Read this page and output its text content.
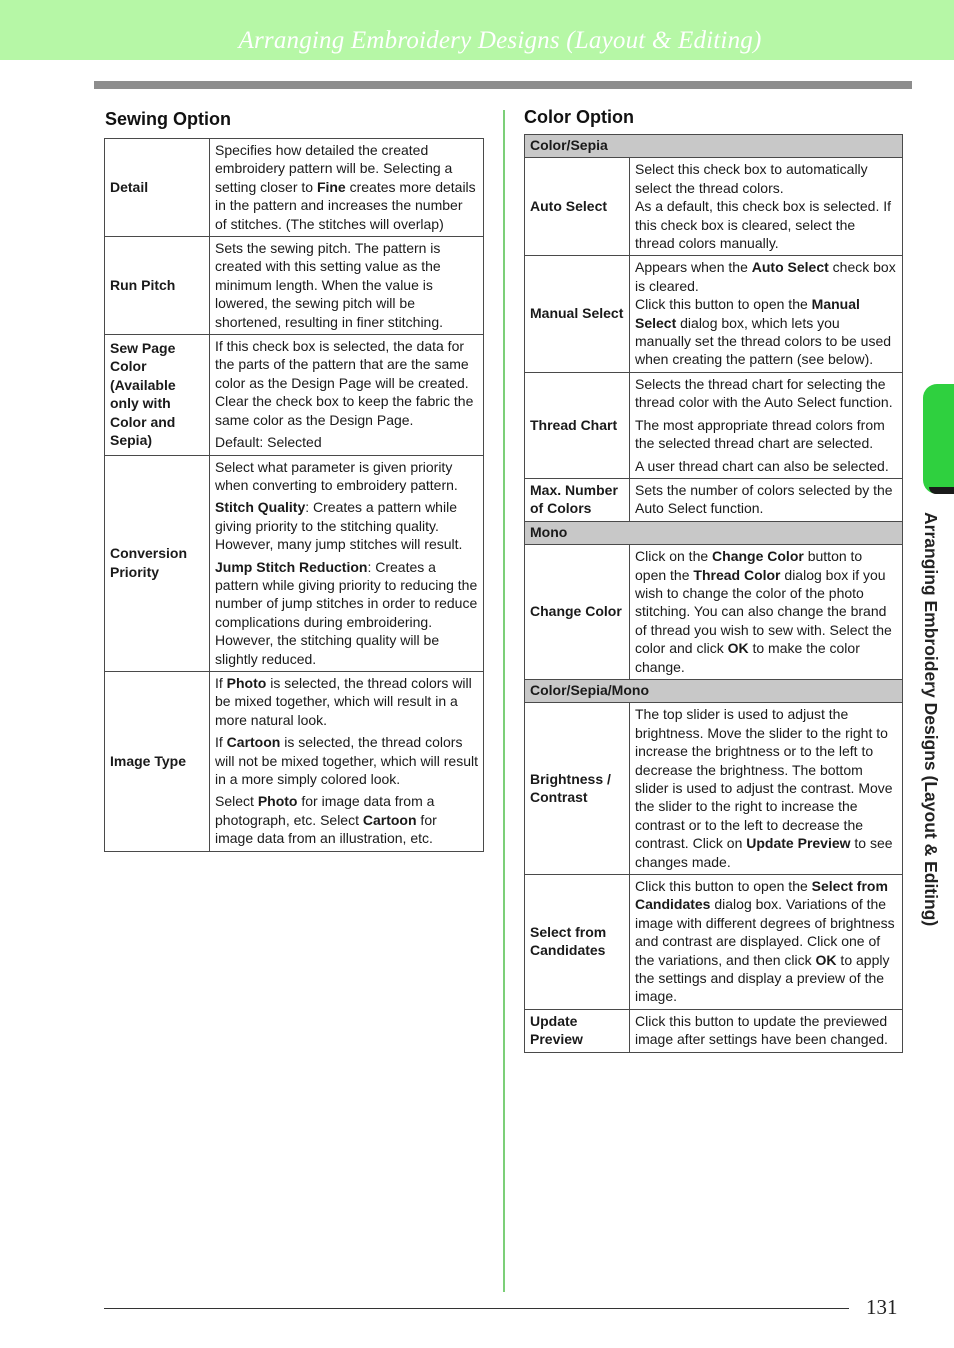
Arranging Embroidery Designs (Layout & Editing)
Arranging Embroidery Designs (Layout & Editing)
Sewing Option
Detail	Specifies how detailed the created embroidery pattern will be. Selecting a setting closer to Fine creates more details in the pattern and increases the number of stitches. (The stitches will overlap)

Run Pitch	Sets the sewing pitch. The pattern is created with this setting value as the minimum length. When the value is lowered, the sewing pitch will be shortened, resulting in finer stitching.

Sew Page Color (Available only with Color and Sepia)	If this check box is selected, the data for the parts of the pattern that are the same color as the Design Page will be created. Clear the check box to keep the fabric the same color as the Design Page.

Default: Selected

Conversion Priority	Select what parameter is given priority when converting to embroidery pattern.

Stitch Quality: Creates a pattern while giving priority to the stitching quality. However, many jump stitches will result.

Jump Stitch Reduction: Creates a pattern while giving priority to reducing the number of jump stitches in order to reduce complications during embroidering. However, the stitching quality will be slightly reduced.

Image Type	If Photo is selected, the thread colors will be mixed together, which will result in a more natural look.

If Cartoon is selected, the thread colors will not be mixed together, which will result in a more simply colored look.

Select Photo for image data from a photograph, etc. Select Cartoon for image data from an illustration, etc.

Color Option
Color/Sepia	
Auto Select	Select this check box to automatically select the thread colors.
As a default, this check box is selected. If this check box is cleared, select the thread colors manually.

Manual Select	Appears when the Auto Select check box is cleared.
Click this button to open the Manual Select dialog box, which lets you manually set the thread colors to be used when creating the pattern (see below).

Thread Chart	Selects the thread chart for selecting the thread color with the Auto Select function.

The most appropriate thread colors from the selected thread chart are selected.

A user thread chart can also be selected.

Max. Number of Colors	Sets the number of colors selected by the Auto Select function.

Mono	
Change Color	Click on the Change Color button to open the Thread Color dialog box if you wish to change the color of the photo stitching. You can also change the brand of thread you wish to sew with. Select the color and click OK to make the color change.

Color/Sepia/Mono	
Brightness / Contrast	The top slider is used to adjust the brightness. Move the slider to the right to increase the brightness or to the left to decrease the brightness. The bottom slider is used to adjust the contrast. Move the slider to the right to increase the contrast or to the left to decrease the contrast. Click on Update Preview to see changes made.

Select from Candidates	Click this button to open the Select from Candidates dialog box. Variations of the image with different degrees of brightness and contrast are displayed. Click one of the variations, and then click OK to apply the settings and display a preview of the image.

Update Preview	Click this button to update the previewed image after settings have been changed.

131
